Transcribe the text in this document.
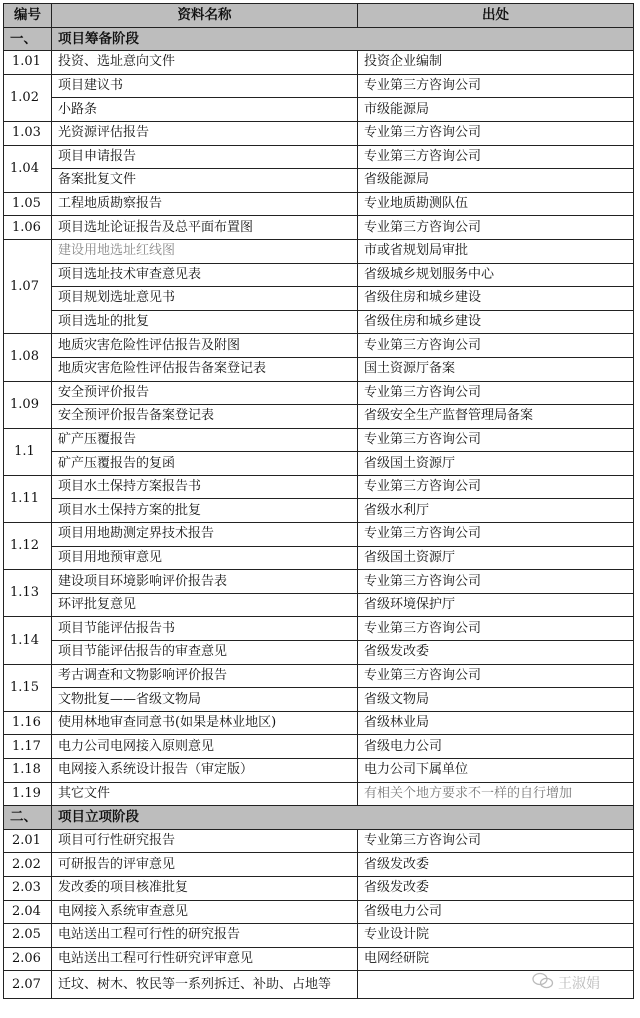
编号	资料名称	出处
一、	项目筹备阶段	
1.01	投资、选址意向文件	投资企业编制
1.02	项目建议书	专业第三方咨询公司
	小路条	市级能源局
1.03	光资源评估报告	专业第三方咨询公司
1.04	项目申请报告	专业第三方咨询公司
	备案批复文件	省级能源局
1.05	工程地质勘察报告	专业地质勘测队伍
1.06	项目选址论证报告及总平面布置图	专业第三方咨询公司
1.07	建设用地选址红线图	市或省规划局审批
	项目选址技术审查意见表	省级城乡规划服务中心
	项目规划选址意见书	省级住房和城乡建设
	项目选址的批复	省级住房和城乡建设
1.08	地质灾害危险性评估报告及附图	专业第三方咨询公司
	地质灾害危险性评估报告备案登记表	国土资源厅备案
1.09	安全预评价报告	专业第三方咨询公司
	安全预评价报告备案登记表	省级安全生产监督管理局备案
1.1	矿产压覆报告	专业第三方咨询公司
	矿产压覆报告的复函	省级国土资源厅
1.11	项目水土保持方案报告书	专业第三方咨询公司
	项目水土保持方案的批复	省级水利厅
1.12	项目用地勘测定界技术报告	专业第三方咨询公司
	项目用地预审意见	省级国土资源厅
1.13	建设项目环境影响评价报告表	专业第三方咨询公司
	环评批复意见	省级环境保护厅
1.14	项目节能评估报告书	专业第三方咨询公司
	项目节能评估报告的审查意见	省级发改委
1.15	考古调查和文物影响评价报告	专业第三方咨询公司
	文物批复——省级文物局	省级文物局
1.16	使用林地审查同意书(如果是林业地区)	省级林业局
1.17	电力公司电网接入原则意见	省级电力公司
1.18	电网接入系统设计报告（审定版）	电力公司下属单位
1.19	其它文件	有相关个地方要求不一样的自行增加
二、	项目立项阶段	
2.01	项目可行性研究报告	专业第三方咨询公司
2.02	可研报告的评审意见	省级发改委
2.03	发改委的项目核准批复	省级发改委
2.04	电网接入系统审查意见	省级电力公司
2.05	电站送出工程可行性的研究报告	专业设计院
2.06	电站送出工程可行性研究评审意见	电网经研院
2.07	迁坟、树木、牧民等一系列拆迁、补助、占地等		王淑娟
